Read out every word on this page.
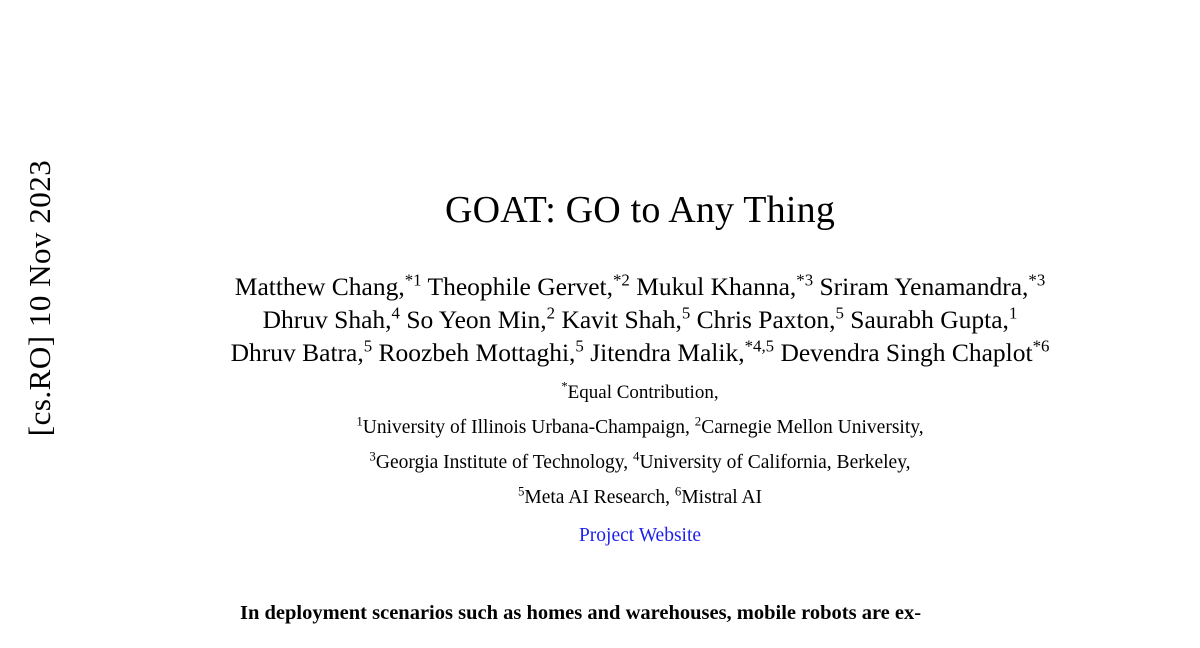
[cs.RO] 10 Nov 2023	GOAT: GO to Any Thing
Matthew Chang,$^{*1}$ Theophile Gervet,$^{*2}$ Mukul Khanna,$^{*3}$ Sriram Yenamandra,$^{*3}$
Dhruv Shah,$^4$ So Yeon Min,$^2$ Kavit Shah,$^5$ Chris Paxton,$^5$ Saurabh Gupta,$^1$
Dhruv Batra,$^5$ Roozbeh Mottaghi,$^5$ Jitendra Malik,$^{*4,5}$ Devendra Singh Chaplot$^{*6}$
*Equal Contribution,
$^1$University of Illinois Urbana-Champaign, $^2$Carnegie Mellon University,
$^3$Georgia Institute of Technology, $^4$University of California, Berkeley,
$^5$Meta AI Research, $^6$Mistral AI
Project Website
In deployment scenarios such as homes and warehouses, mobile robots are ex-
